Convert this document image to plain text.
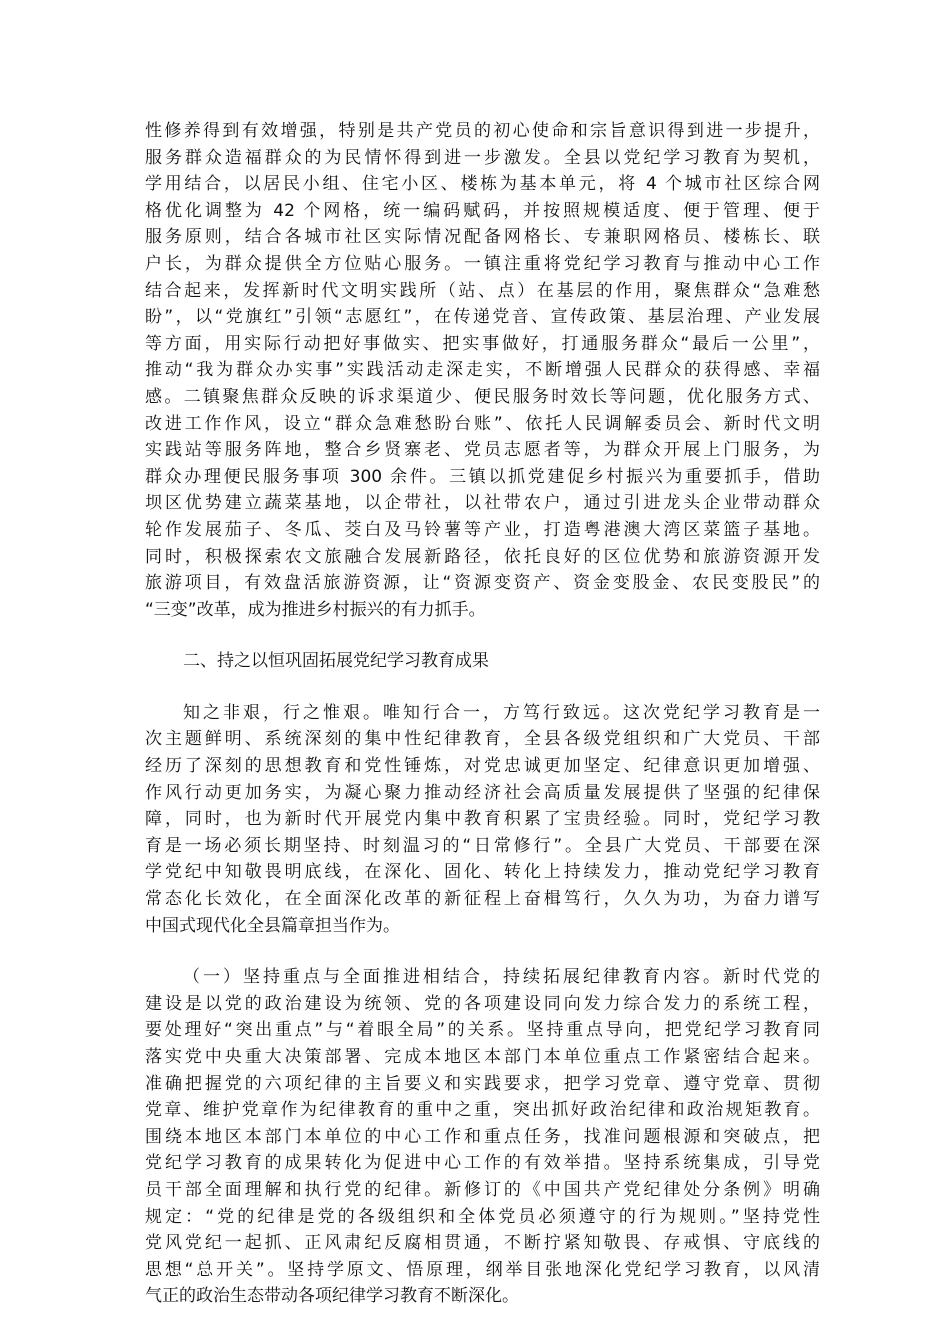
性修养得到有效增强，特别是共产党员的初心使命和宗旨意识得到进一步提升，
服务群众造福群众的为民情怀得到进一步激发。全县以党纪学习教育为契机，
学用结合，以居民小组、住宅小区、楼栋为基本单元，将 4 个城市社区综合网
格优化调整为 42 个网格，统一编码赋码，并按照规模适度、便于管理、便于
服务原则，结合各城市社区实际情况配备网格长、专兼职网格员、楼栋长、联
户长，为群众提供全方位贴心服务。一镇注重将党纪学习教育与推动中心工作
结合起来，发挥新时代文明实践所（站、点）在基层的作用，聚焦群众“急难愁
盼”，以“党旗红”引领“志愿红”，在传递党音、宣传政策、基层治理、产业发展
等方面，用实际行动把好事做实、把实事做好，打通服务群众“最后一公里”，
推动“我为群众办实事”实践活动走深走实，不断增强人民群众的获得感、幸福
感。二镇聚焦群众反映的诉求渠道少、便民服务时效长等问题，优化服务方式、
改进工作作风，设立“群众急难愁盼台账”、依托人民调解委员会、新时代文明
实践站等服务阵地，整合乡贤寨老、党员志愿者等，为群众开展上门服务，为
群众办理便民服务事项 300 余件。三镇以抓党建促乡村振兴为重要抓手，借助
坝区优势建立蔬菜基地，以企带社，以社带农户，通过引进龙头企业带动群众
轮作发展茄子、冬瓜、茭白及马铃薯等产业，打造粤港澳大湾区菜篮子基地。
同时，积极探索农文旅融合发展新路径，依托良好的区位优势和旅游资源开发
旅游项目，有效盘活旅游资源，让“资源变资产、资金变股金、农民变股民”的
“三变”改革，成为推进乡村振兴的有力抓手。
二、持之以恒巩固拓展党纪学习教育成果
知之非艰，行之惟艰。唯知行合一，方笃行致远。这次党纪学习教育是一
次主题鲜明、系统深刻的集中性纪律教育，全县各级党组织和广大党员、干部
经历了深刻的思想教育和党性锤炼，对党忠诚更加坚定、纪律意识更加增强、
作风行动更加务实，为凝心聚力推动经济社会高质量发展提供了坚强的纪律保
障，同时，也为新时代开展党内集中教育积累了宝贵经验。同时，党纪学习教
育是一场必须长期坚持、时刻温习的“日常修行”。全县广大党员、干部要在深
学党纪中知敬畏明底线，在深化、固化、转化上持续发力，推动党纪学习教育
常态化长效化，在全面深化改革的新征程上奋楫笃行，久久为功，为奋力谱写
中国式现代化全县篇章担当作为。
（一）坚持重点与全面推进相结合，持续拓展纪律教育内容。新时代党的
建设是以党的政治建设为统领、党的各项建设同向发力综合发力的系统工程，
要处理好“突出重点”与“着眼全局”的关系。坚持重点导向，把党纪学习教育同
落实党中央重大决策部署、完成本地区本部门本单位重点工作紧密结合起来。
准确把握党的六项纪律的主旨要义和实践要求，把学习党章、遵守党章、贯彻
党章、维护党章作为纪律教育的重中之重，突出抓好政治纪律和政治规矩教育。
围绕本地区本部门本单位的中心工作和重点任务，找准问题根源和突破点，把
党纪学习教育的成果转化为促进中心工作的有效举措。坚持系统集成，引导党
员干部全面理解和执行党的纪律。新修订的《中国共产党纪律处分条例》明确
规定：“党的纪律是党的各级组织和全体党员必须遵守的行为规则。”坚持党性
党风党纪一起抓、正风肃纪反腐相贯通，不断拧紧知敬畏、存戒惧、守底线的
思想“总开关”。坚持学原文、悟原理，纲举目张地深化党纪学习教育，以风清
气正的政治生态带动各项纪律学习教育不断深化。
